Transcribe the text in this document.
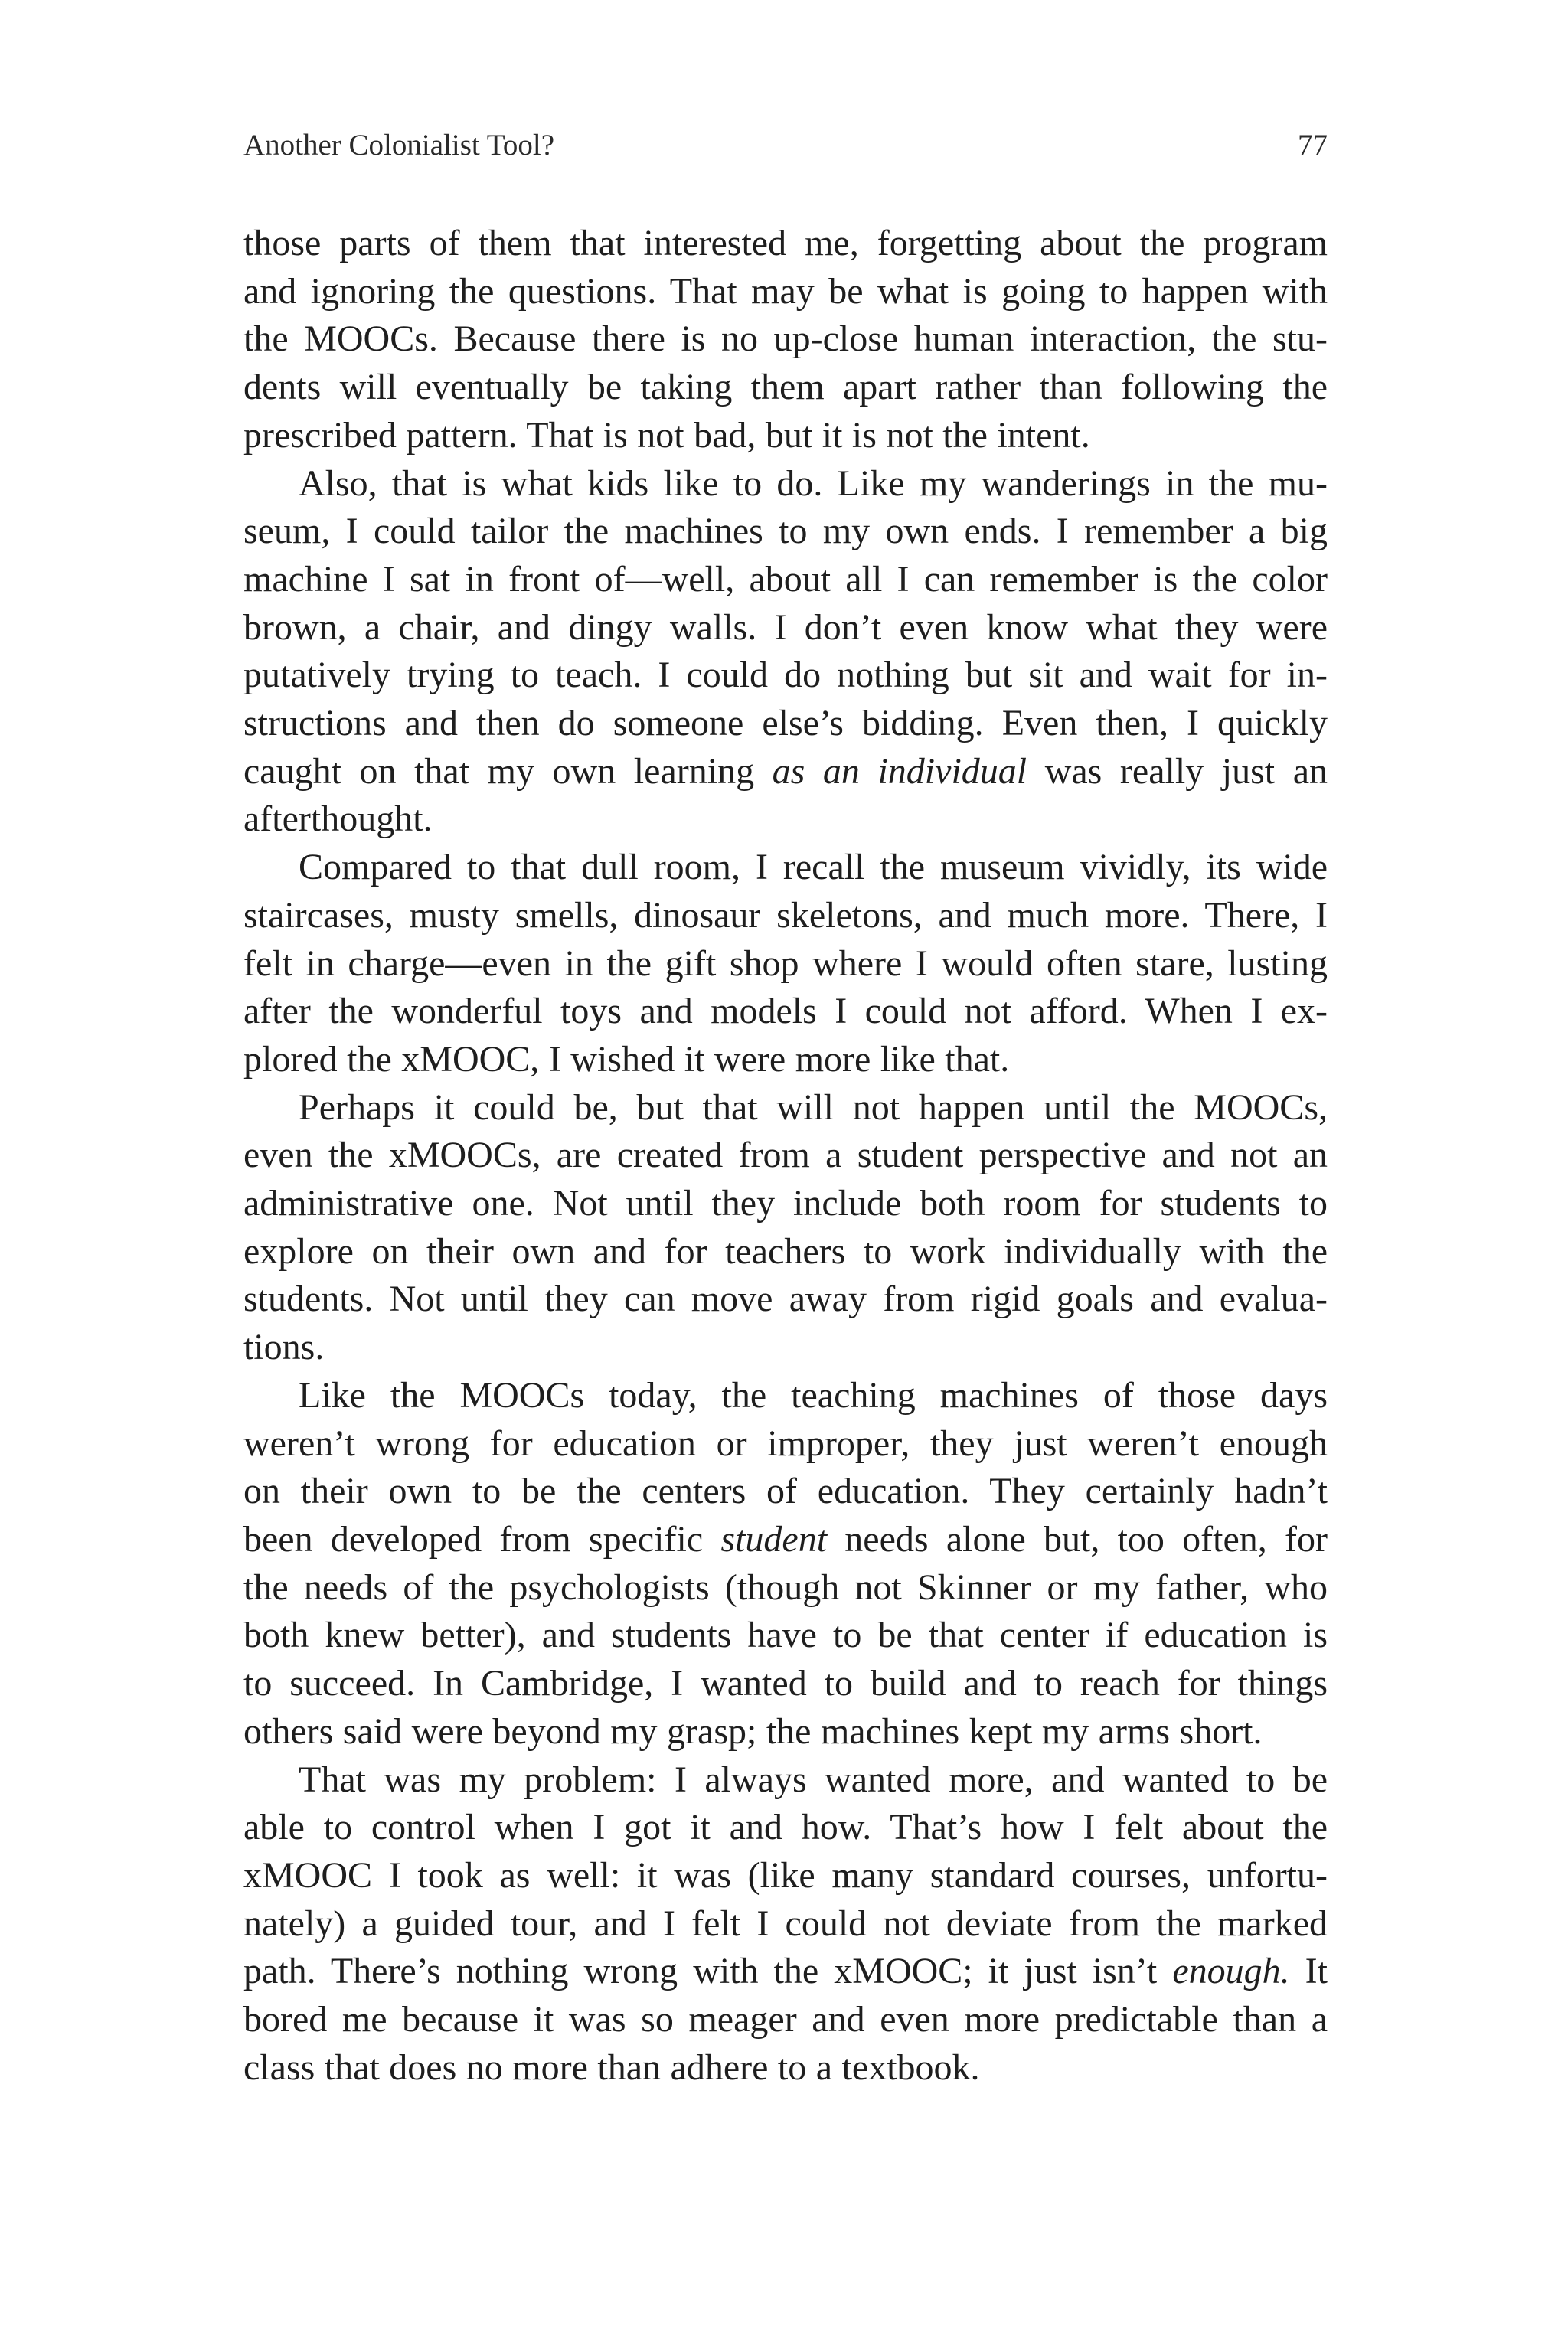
Another Colonialist Tool?	77

those parts of them that interested me, forgetting about the program
and ignoring the questions. That may be what is going to happen with
the MOOCs. Because there is no up-close human interaction, the stu-
dents will eventually be taking them apart rather than following the
prescribed pattern. That is not bad, but it is not the intent.

Also, that is what kids like to do. Like my wanderings in the mu-
seum, I could tailor the machines to my own ends. I remember a big
machine I sat in front of—well, about all I can remember is the color
brown, a chair, and dingy walls. I don’t even know what they were
putatively trying to teach. I could do nothing but sit and wait for in-
structions and then do someone else’s bidding. Even then, I quickly
caught on that my own learning as an individual was really just an
afterthought.

Compared to that dull room, I recall the museum vividly, its wide
staircases, musty smells, dinosaur skeletons, and much more. There, I
felt in charge—even in the gift shop where I would often stare, lusting
after the wonderful toys and models I could not afford. When I ex-
plored the xMOOC, I wished it were more like that.

Perhaps it could be, but that will not happen until the MOOCs,
even the xMOOCs, are created from a student perspective and not an
administrative one. Not until they include both room for students to
explore on their own and for teachers to work individually with the
students. Not until they can move away from rigid goals and evalua-
tions.

Like the MOOCs today, the teaching machines of those days
weren’t wrong for education or improper, they just weren’t enough
on their own to be the centers of education. They certainly hadn’t
been developed from specific student needs alone but, too often, for
the needs of the psychologists (though not Skinner or my father, who
both knew better), and students have to be that center if education is
to succeed. In Cambridge, I wanted to build and to reach for things
others said were beyond my grasp; the machines kept my arms short.

That was my problem: I always wanted more, and wanted to be
able to control when I got it and how. That’s how I felt about the
xMOOC I took as well: it was (like many standard courses, unfortu-
nately) a guided tour, and I felt I could not deviate from the marked
path. There’s nothing wrong with the xMOOC; it just isn’t enough. It
bored me because it was so meager and even more predictable than a
class that does no more than adhere to a textbook.
